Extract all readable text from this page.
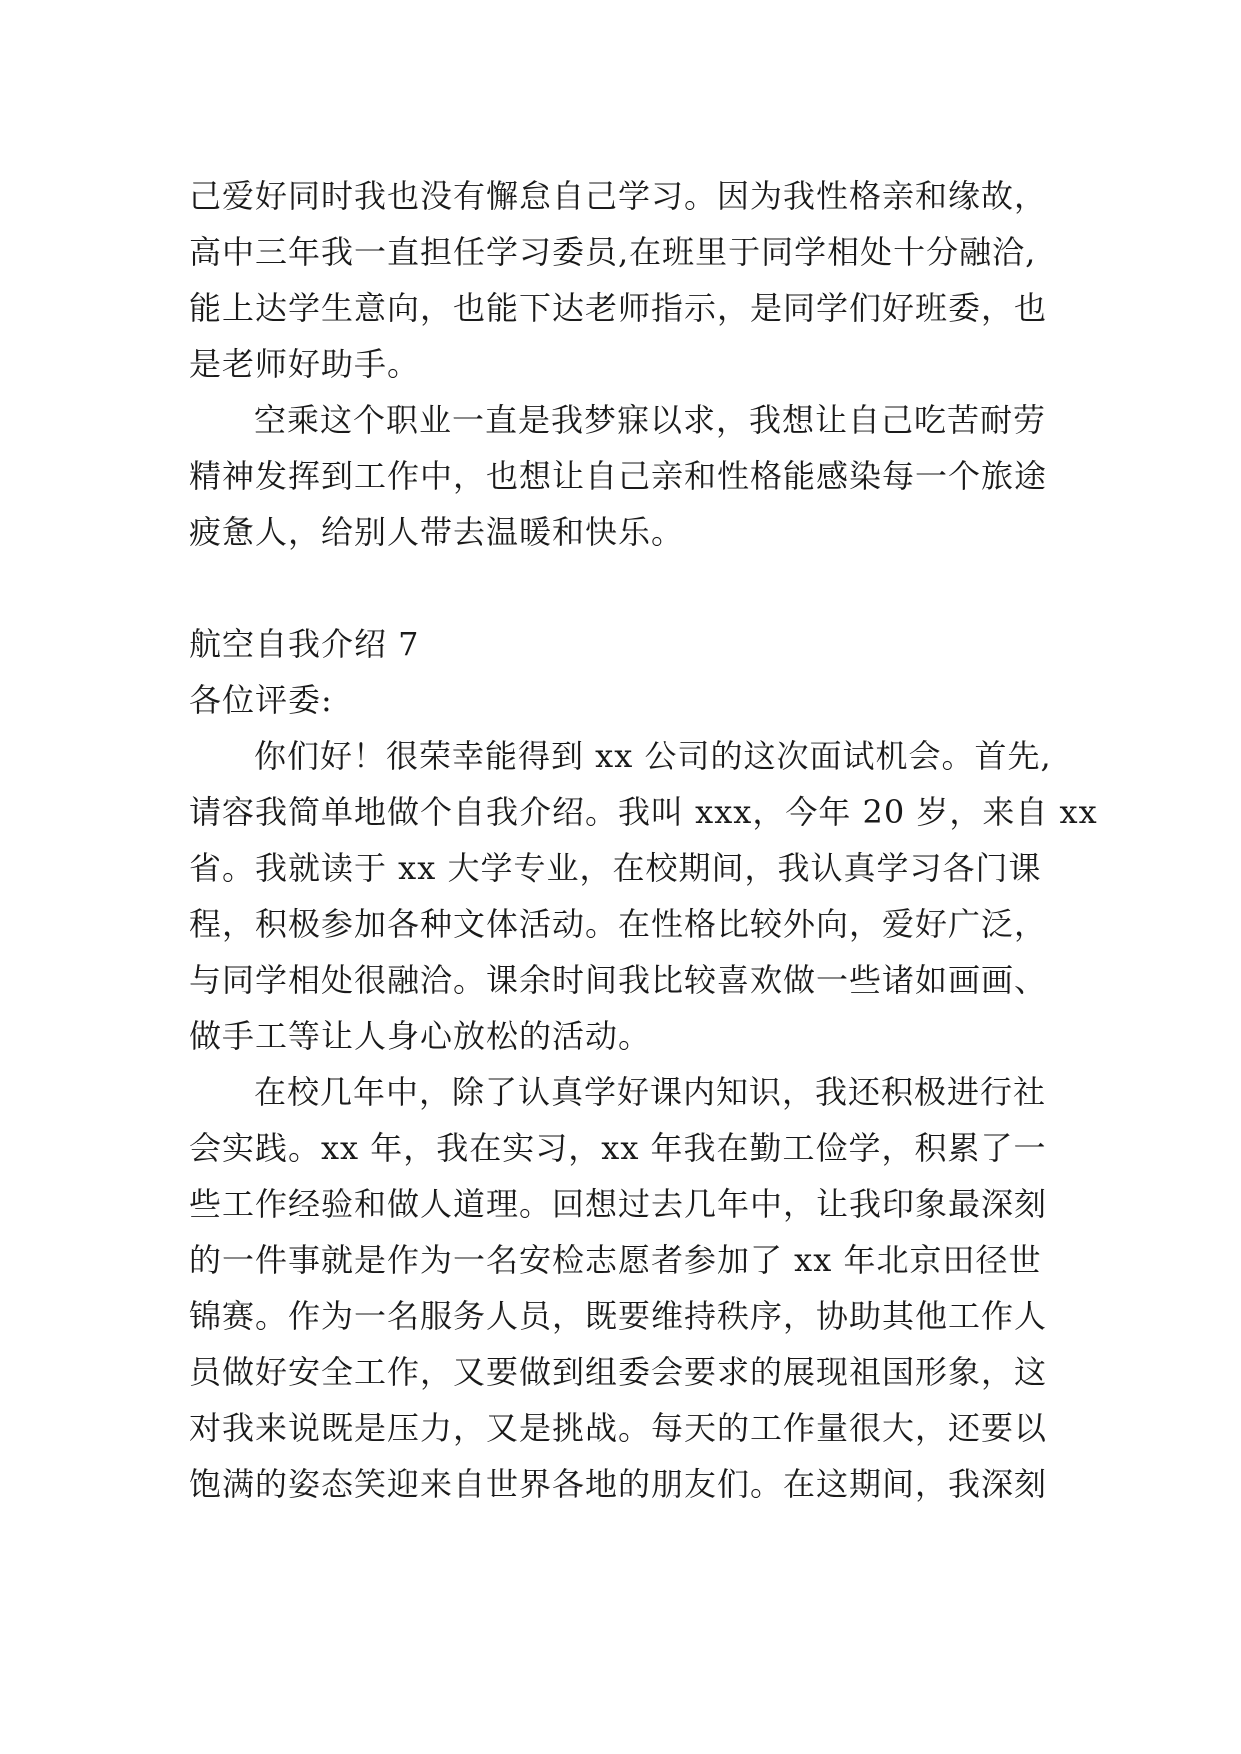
己爱好同时我也没有懈怠自己学习。因为我性格亲和缘故，
高中三年我一直担任学习委员,在班里于同学相处十分融洽,
能上达学生意向，也能下达老师指示，是同学们好班委，也
是老师好助手。
空乘这个职业一直是我梦寐以求，我想让自己吃苦耐劳
精神发挥到工作中，也想让自己亲和性格能感染每一个旅途
疲惫人，给别人带去温暖和快乐。
航空自我介绍 7
各位评委:
你们好！很荣幸能得到 xx 公司的这次面试机会。首先,
请容我简单地做个自我介绍。我叫 xxx，今年 20 岁，来自 xx
省。我就读于 xx 大学专业，在校期间，我认真学习各门课
程，积极参加各种文体活动。在性格比较外向，爱好广泛，
与同学相处很融洽。课余时间我比较喜欢做一些诸如画画、
做手工等让人身心放松的活动。
在校几年中，除了认真学好课内知识，我还积极进行社
会实践。xx 年，我在实习，xx 年我在勤工俭学，积累了一
些工作经验和做人道理。回想过去几年中，让我印象最深刻
的一件事就是作为一名安检志愿者参加了 xx 年北京田径世
锦赛。作为一名服务人员，既要维持秩序，协助其他工作人
员做好安全工作，又要做到组委会要求的展现祖国形象，这
对我来说既是压力，又是挑战。每天的工作量很大，还要以
饱满的姿态笑迎来自世界各地的朋友们。在这期间，我深刻
